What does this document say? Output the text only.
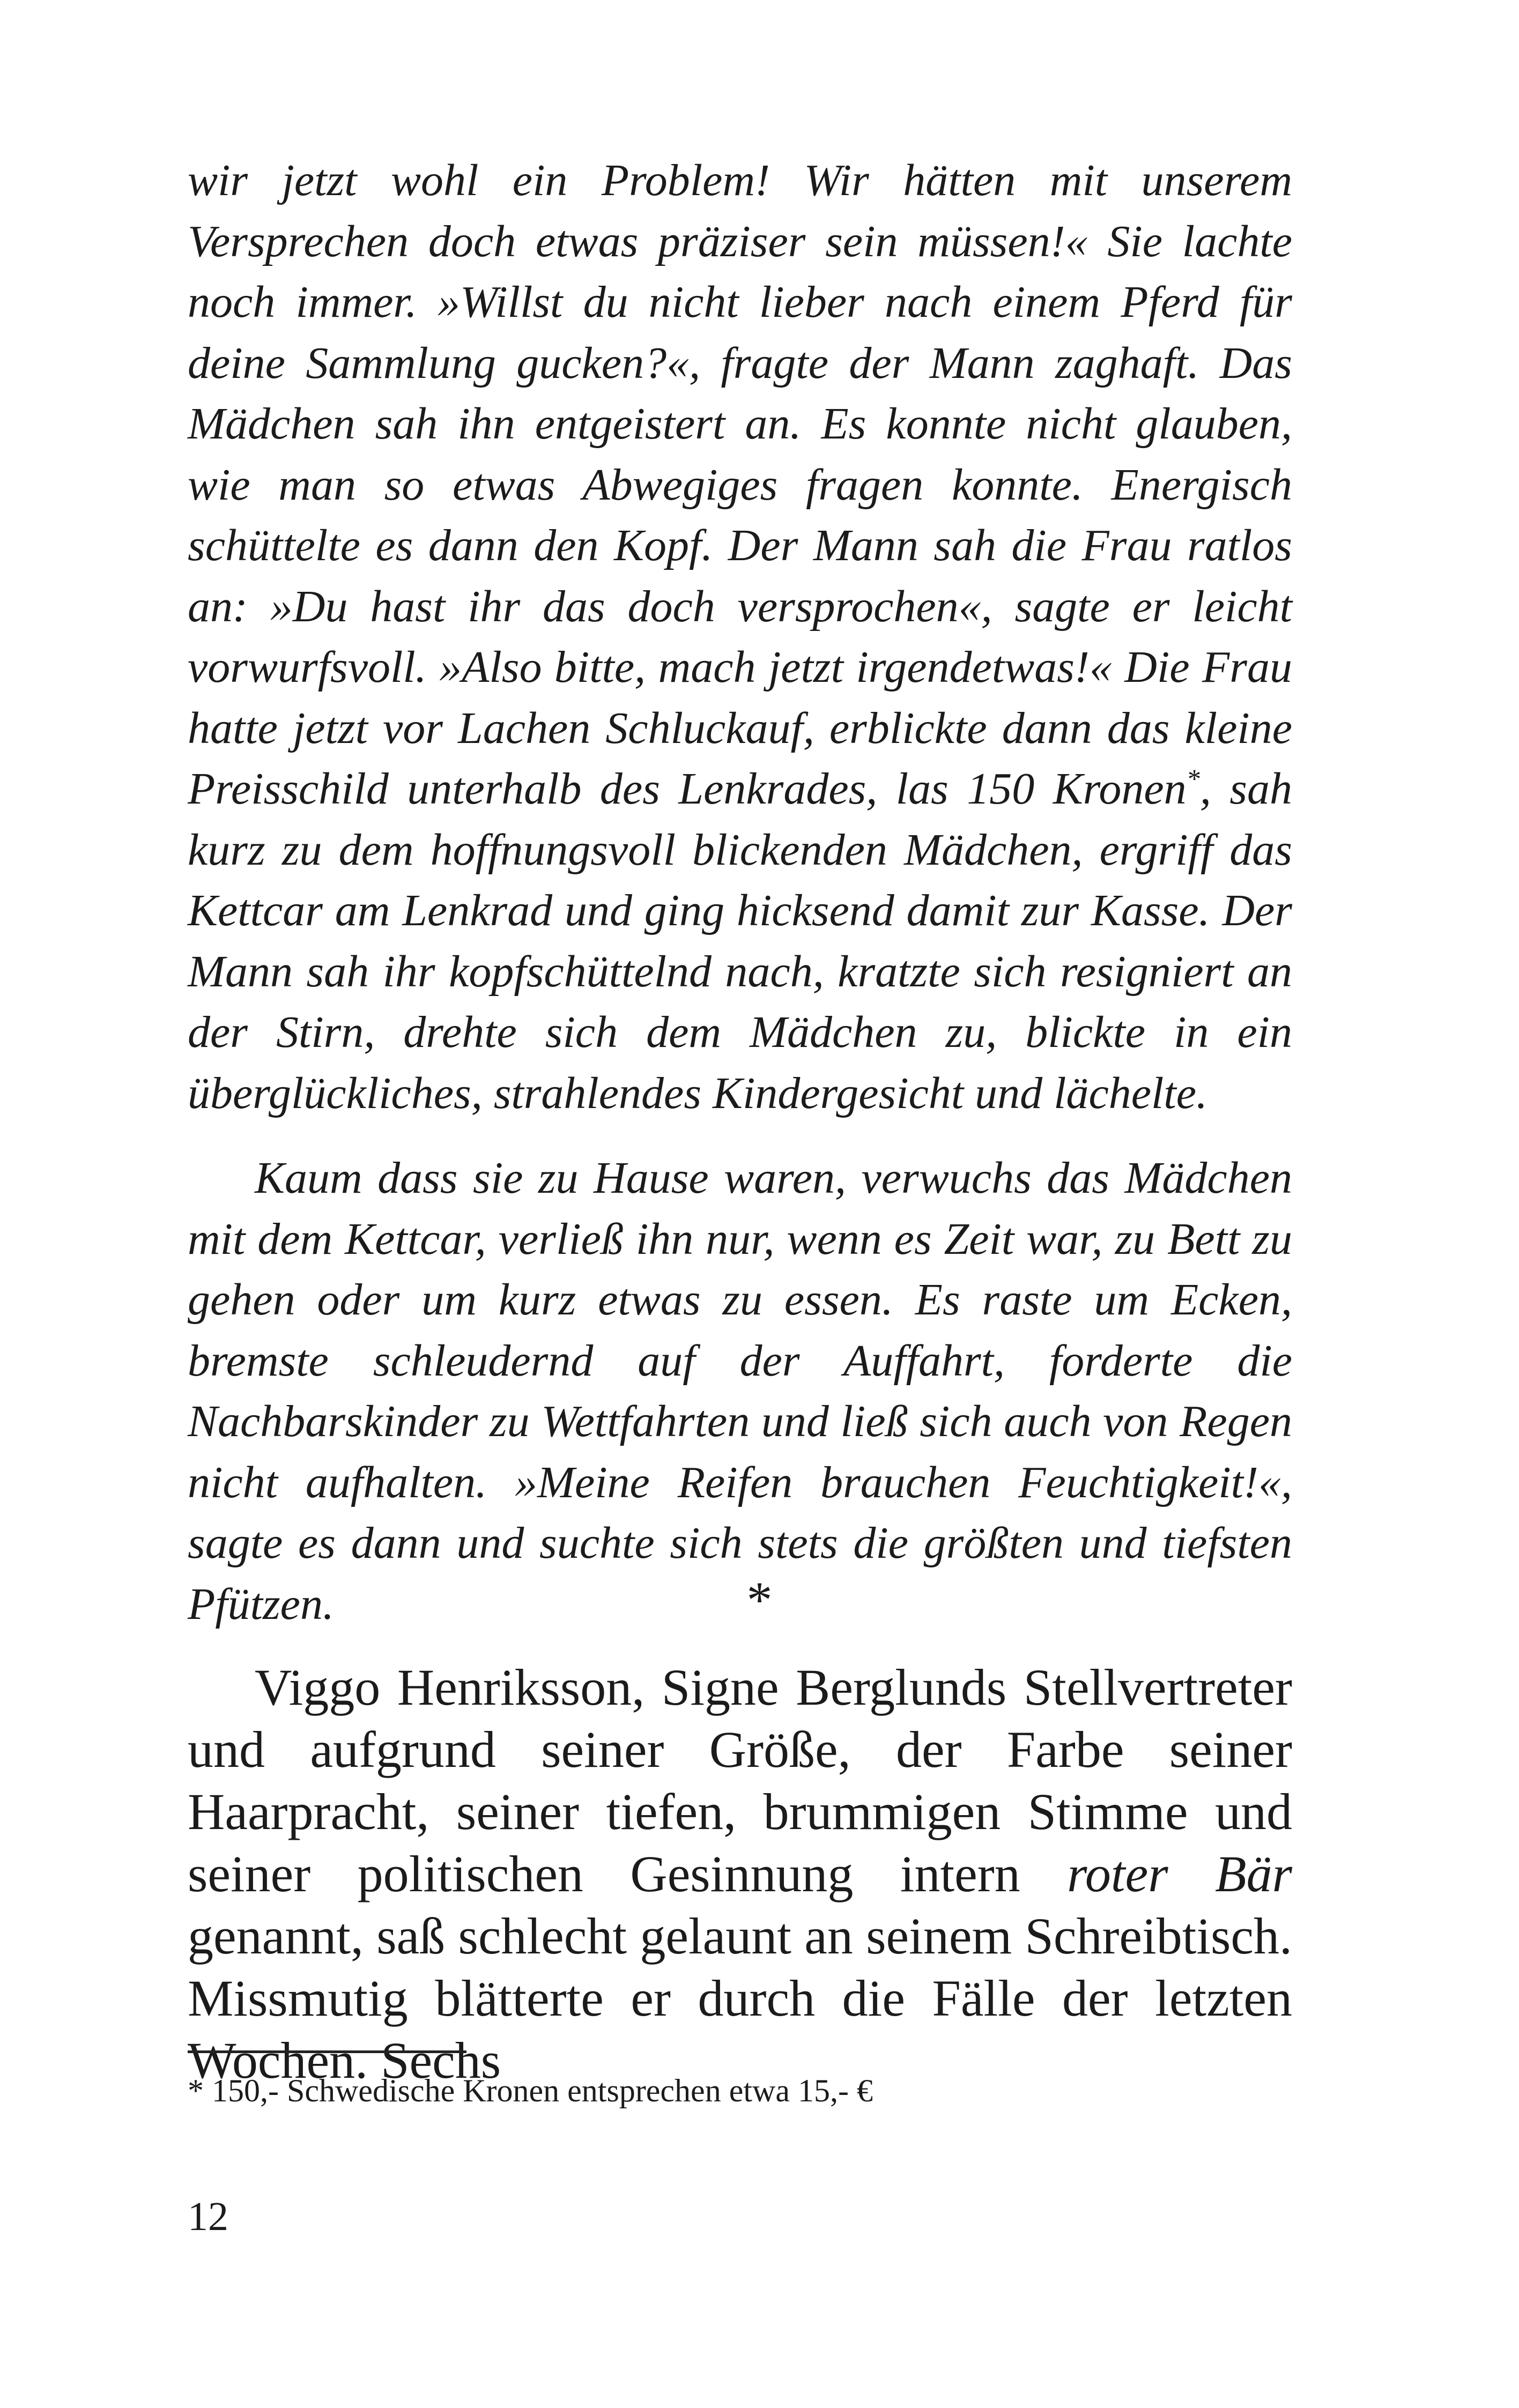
wir jetzt wohl ein Problem! Wir hätten mit unserem Versprechen doch etwas präziser sein müssen!« Sie lachte noch immer. »Willst du nicht lieber nach einem Pferd für deine Sammlung gucken?«, fragte der Mann zaghaft. Das Mädchen sah ihn entgeistert an. Es konnte nicht glauben, wie man so etwas Abwegiges fragen konnte. Energisch schüttelte es dann den Kopf. Der Mann sah die Frau ratlos an: »Du hast ihr das doch versprochen«, sagte er leicht vorwurfsvoll. »Also bitte, mach jetzt irgendetwas!« Die Frau hatte jetzt vor Lachen Schluckauf, erblickte dann das kleine Preisschild unterhalb des Lenkrades, las 150 Kronen*, sah kurz zu dem hoffnungsvoll blickenden Mädchen, ergriff das Kettcar am Lenkrad und ging hicksend damit zur Kasse. Der Mann sah ihr kopfschüttelnd nach, kratzte sich resigniert an der Stirn, drehte sich dem Mädchen zu, blickte in ein überglückliches, strahlendes Kindergesicht und lächelte.

Kaum dass sie zu Hause waren, verwuchs das Mädchen mit dem Kettcar, verließ ihn nur, wenn es Zeit war, zu Bett zu gehen oder um kurz etwas zu essen. Es raste um Ecken, bremste schleudernd auf der Auffahrt, forderte die Nachbarskinder zu Wettfahrten und ließ sich auch von Regen nicht aufhalten. »Meine Reifen brauchen Feuchtigkeit!«, sagte es dann und suchte sich stets die größten und tiefsten Pfützen.	*

Viggo Henriksson, Signe Berglunds Stellvertreter und aufgrund seiner Größe, der Farbe seiner Haarpracht, seiner tiefen, brummigen Stimme und seiner politischen Gesinnung intern roter Bär genannt, saß schlecht gelaunt an seinem Schreibtisch. Missmutig blätterte er durch die Fälle der letzten Wochen. Sechs

* 150,- Schwedische Kronen entsprechen etwa 15,- €
12
